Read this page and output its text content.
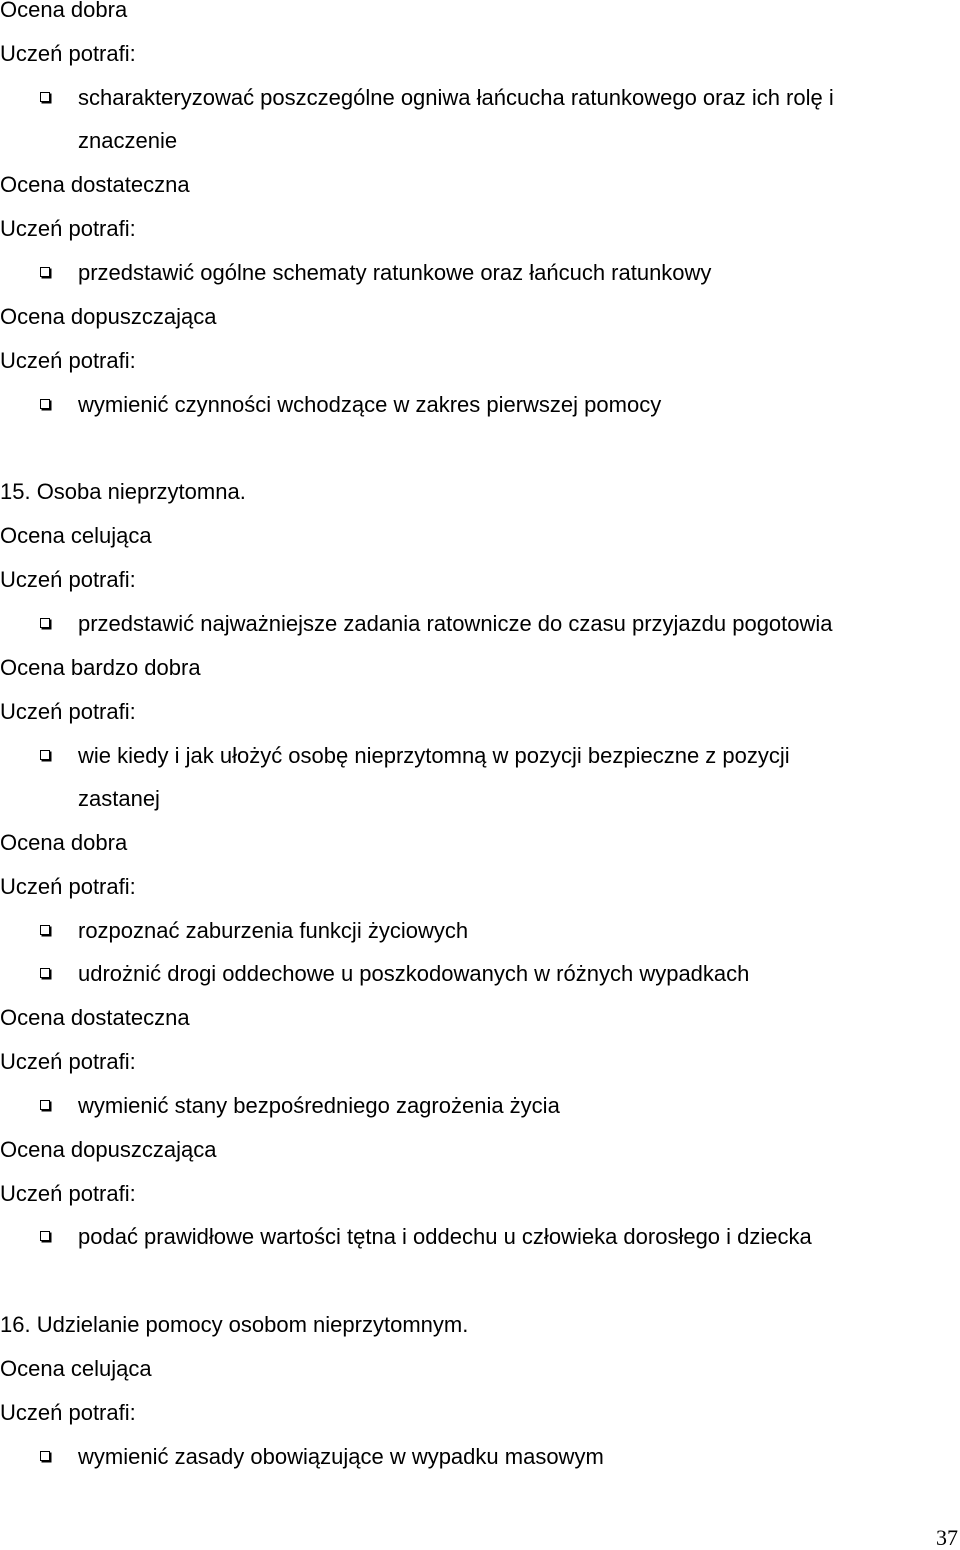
Ocena dobra
Uczeń potrafi:
scharakteryzować poszczególne ogniwa łańcucha ratunkowego oraz ich rolę i
znaczenie
Ocena dostateczna
Uczeń potrafi:
przedstawić ogólne schematy ratunkowe oraz łańcuch ratunkowy
Ocena dopuszczająca
Uczeń potrafi:
wymienić czynności wchodzące w zakres pierwszej pomocy
15. Osoba nieprzytomna.
Ocena celująca
Uczeń potrafi:
przedstawić najważniejsze zadania ratownicze do czasu przyjazdu pogotowia
Ocena bardzo dobra
Uczeń potrafi:
wie kiedy i jak ułożyć osobę nieprzytomną w pozycji bezpieczne z pozycji
zastanej
Ocena dobra
Uczeń potrafi:
rozpoznać zaburzenia funkcji życiowych
udrożnić drogi oddechowe u poszkodowanych w różnych wypadkach
Ocena dostateczna
Uczeń potrafi:
wymienić stany bezpośredniego zagrożenia życia
Ocena dopuszczająca
Uczeń potrafi:
podać prawidłowe wartości tętna i oddechu u człowieka dorosłego i dziecka
16. Udzielanie pomocy osobom nieprzytomnym.
Ocena celująca
Uczeń potrafi:
wymienić zasady obowiązujące w wypadku masowym
37
